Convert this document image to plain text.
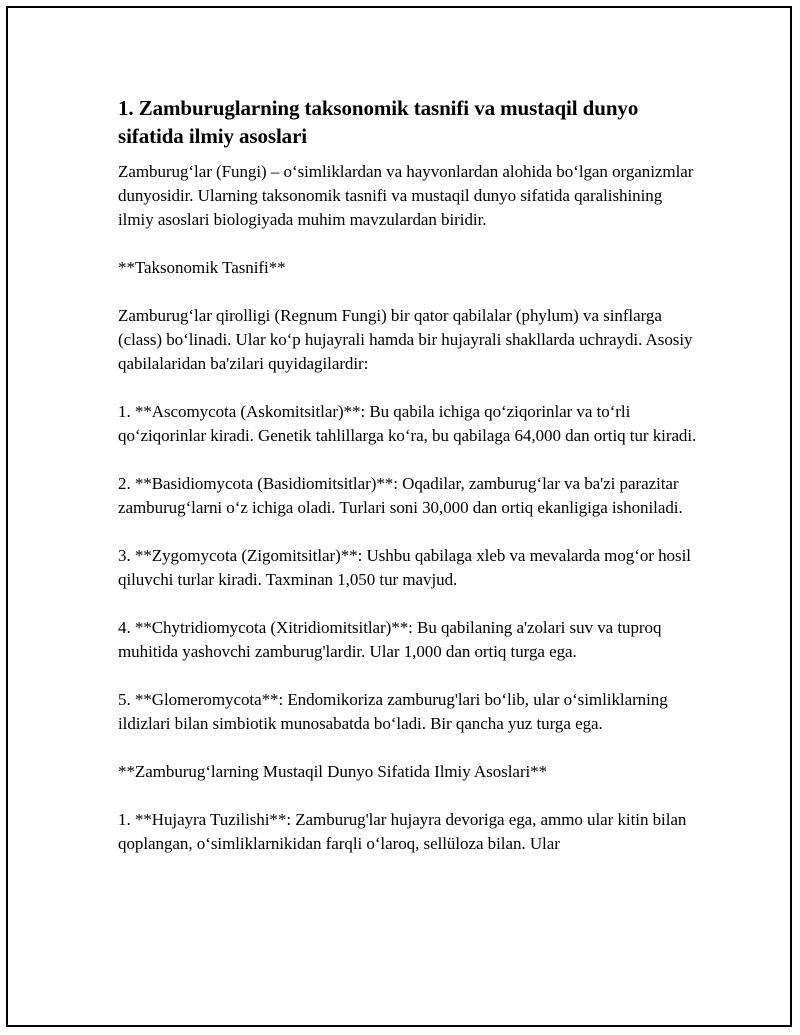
1. Zamburuglarning taksonomik tasnifi va mustaqil dunyo sifatida ilmiy asoslari

Zamburug‘lar (Fungi) – o‘simliklardan va hayvonlardan alohida bo‘lgan organizmlar dunyosidir. Ularning taksonomik tasnifi va mustaqil dunyo sifatida qaralishining ilmiy asoslari biologiyada muhim mavzulardan biridir.

**Taksonomik Tasnifi**

Zamburug‘lar qirolligi (Regnum Fungi) bir qator qabilalar (phylum) va sinflarga (class) bo‘linadi. Ular ko‘p hujayrali hamda bir hujayrali shakllarda uchraydi. Asosiy qabilalaridan ba'zilari quyidagilardir:

1. **Ascomycota (Askomitsitlar)**: Bu qabila ichiga qo‘ziqorinlar va to‘rli qo‘ziqorinlar kiradi. Genetik tahlillarga ko‘ra, bu qabilaga 64,000 dan ortiq tur kiradi.

2. **Basidiomycota (Basidiomitsitlar)**: Oqadilar, zamburug‘lar va ba'zi parazitar zamburug‘larni o‘z ichiga oladi. Turlari soni 30,000 dan ortiq ekanligiga ishoniladi.

3. **Zygomycota (Zigomitsitlar)**: Ushbu qabilaga xleb va mevalarda mog‘or hosil qiluvchi turlar kiradi. Taxminan 1,050 tur mavjud.

4. **Chytridiomycota (Xitridiomitsitlar)**: Bu qabilaning a'zolari suv va tuproq muhitida yashovchi zamburug'lardir. Ular 1,000 dan ortiq turga ega.

5. **Glomeromycota**: Endomikoriza zamburug'lari bo‘lib, ular o‘simliklarning ildizlari bilan simbiotik munosabatda bo‘ladi. Bir qancha yuz turga ega.

**Zamburug‘larning Mustaqil Dunyo Sifatida Ilmiy Asoslari**

1. **Hujayra Tuzilishi**: Zamburug'lar hujayra devoriga ega, ammo ular kitin bilan qoplangan, o‘simliklarnikidan farqli o‘laroq, sellüloza bilan. Ular
